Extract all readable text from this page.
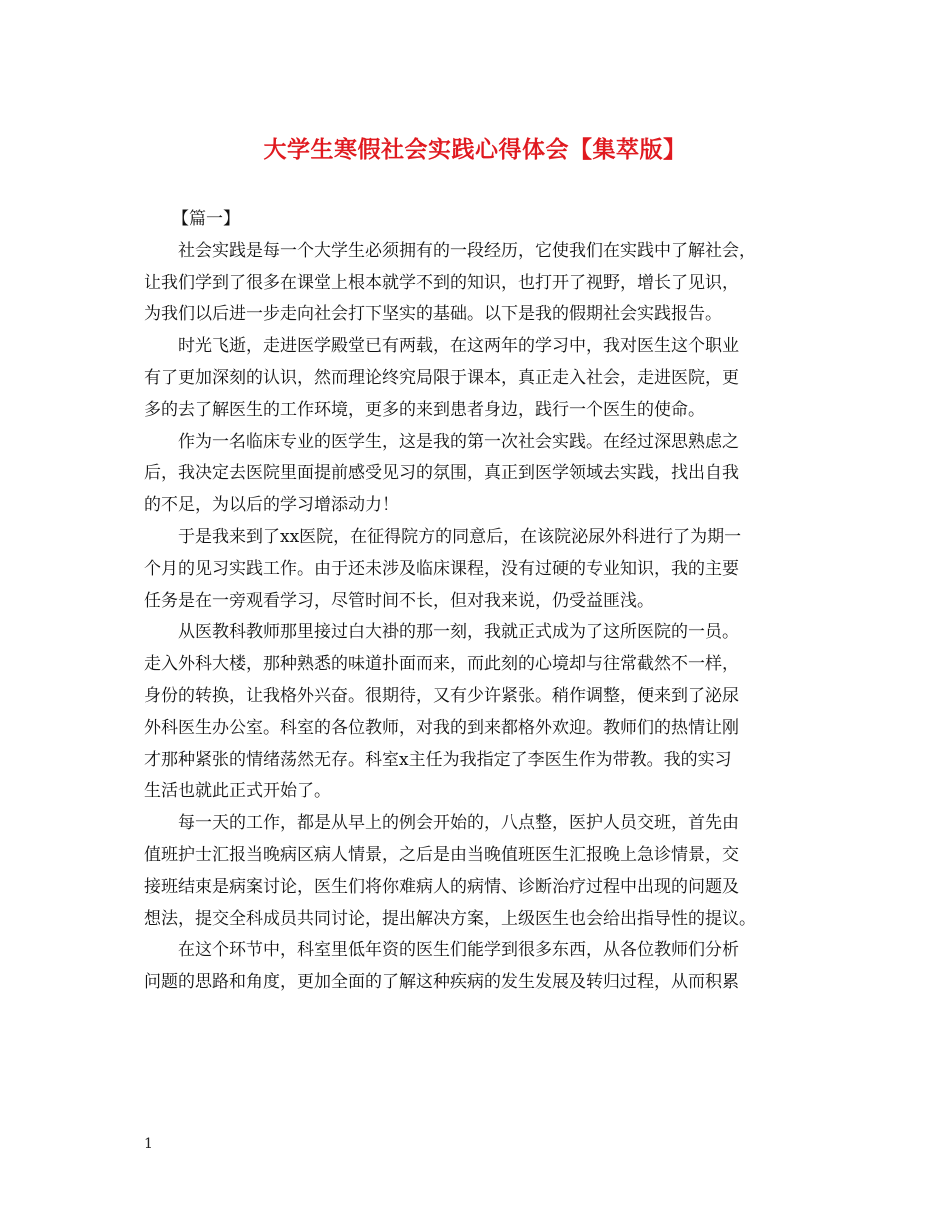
大学生寒假社会实践心得体会【集萃版】
【篇一】
社会实践是每一个大学生必须拥有的一段经历，它使我们在实践中了解社会，
让我们学到了很多在课堂上根本就学不到的知识，也打开了视野，增长了见识，
为我们以后进一步走向社会打下坚实的基础。以下是我的假期社会实践报告。
时光飞逝，走进医学殿堂已有两载，在这两年的学习中，我对医生这个职业
有了更加深刻的认识，然而理论终究局限于课本，真正走入社会，走进医院，更
多的去了解医生的工作环境，更多的来到患者身边，践行一个医生的使命。
作为一名临床专业的医学生，这是我的第一次社会实践。在经过深思熟虑之
后，我决定去医院里面提前感受见习的氛围，真正到医学领域去实践，找出自我
的不足，为以后的学习增添动力！
于是我来到了xx医院，在征得院方的同意后，在该院泌尿外科进行了为期一
个月的见习实践工作。由于还未涉及临床课程，没有过硬的专业知识，我的主要
任务是在一旁观看学习，尽管时间不长，但对我来说，仍受益匪浅。
从医教科教师那里接过白大褂的那一刻，我就正式成为了这所医院的一员。
走入外科大楼，那种熟悉的味道扑面而来，而此刻的心境却与往常截然不一样，
身份的转换，让我格外兴奋。很期待，又有少许紧张。稍作调整，便来到了泌尿
外科医生办公室。科室的各位教师，对我的到来都格外欢迎。教师们的热情让刚
才那种紧张的情绪荡然无存。科室x主任为我指定了李医生作为带教。我的实习
生活也就此正式开始了。
每一天的工作，都是从早上的例会开始的，八点整，医护人员交班，首先由
值班护士汇报当晚病区病人情景，之后是由当晚值班医生汇报晚上急诊情景，交
接班结束是病案讨论，医生们将你难病人的病情、诊断治疗过程中出现的问题及
想法，提交全科成员共同讨论，提出解决方案，上级医生也会给出指导性的提议。
在这个环节中，科室里低年资的医生们能学到很多东西，从各位教师们分析
问题的思路和角度，更加全面的了解这种疾病的发生发展及转归过程，从而积累
1
